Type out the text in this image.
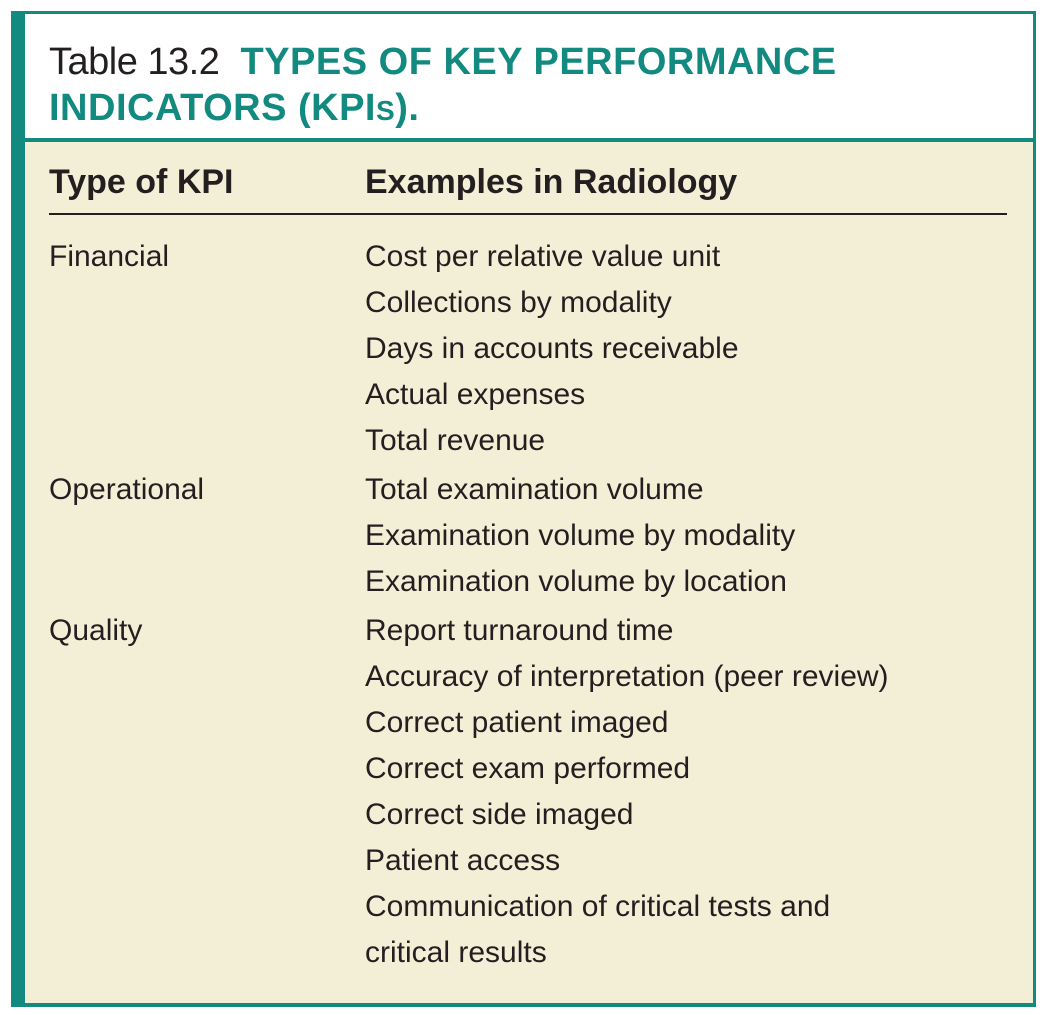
Table 13.2 TYPES OF KEY PERFORMANCE
INDICATORS (KPIS).
Type of KPI	Examples in Radiology
Financial	Cost per relative value unit
Collections by modality
Days in accounts receivable
Actual expenses
Total revenue
Operational	Total examination volume
Examination volume by modality
Examination volume by location
Quality	Report turnaround time
Accuracy of interpretation (peer review)
Correct patient imaged
Correct exam performed
Correct side imaged
Patient access
Communication of critical tests and
critical results
